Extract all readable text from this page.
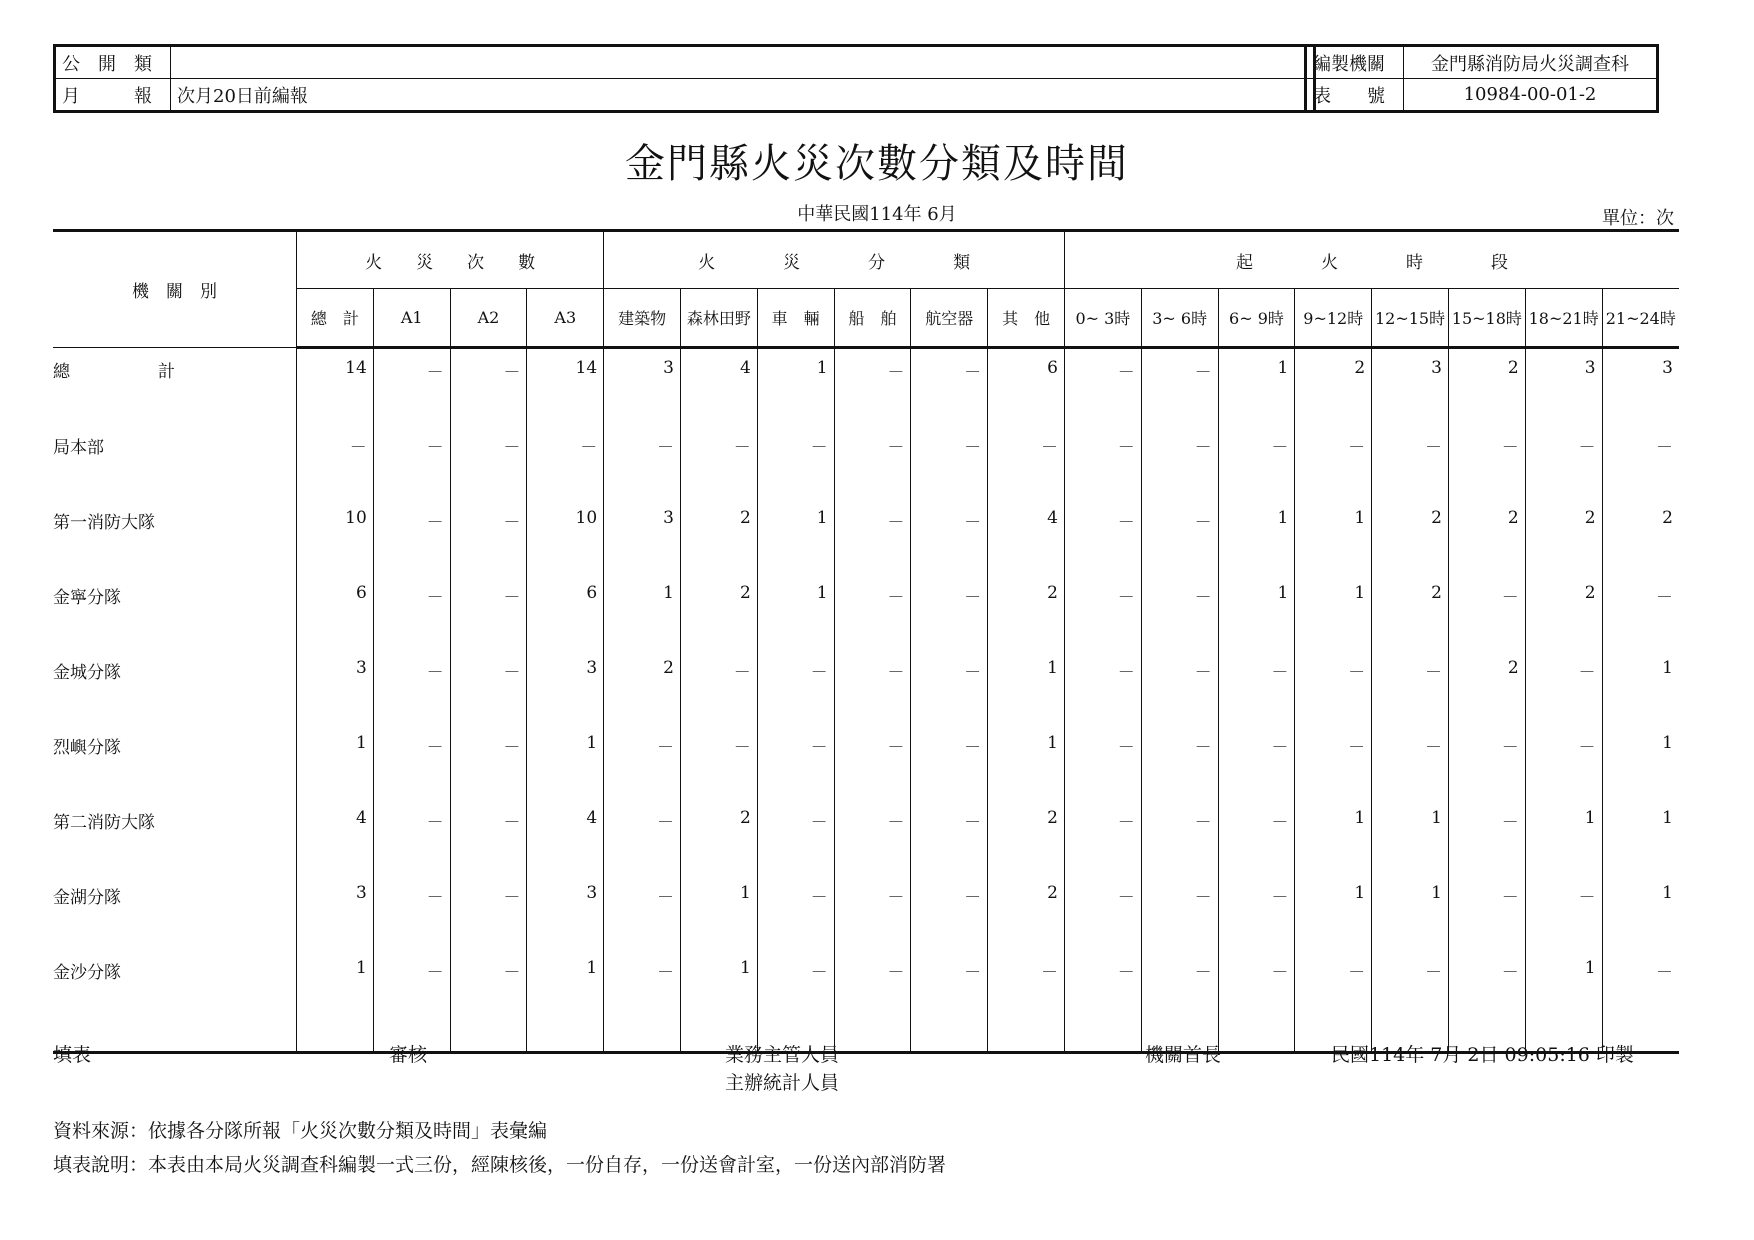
公　開　類	
月　　　報	次月20日前編報
編製機關	金門縣消防局火災調查科
表　　號	10984-00-01-2
金門縣火災次數分類及時間
中華民國114年 6月	單位：次
機　關　別	火　　災　　次　　數				火　　　　災　　　　分　　　　類						起　　　　火　　　　時　　　　段							
	總　計	A1	A2	A3	建築物	森林田野	車　輛	船　舶	航空器	其　他	0~ 3時	3~ 6時	6~ 9時	9~12時	12~15時	15~18時	18~21時	21~24時

總 計	14	－	－	14	3	4	1	－	－	6	－	－	1	2	3	2	3	3
局本部	－	－	－	－	－	－	－	－	－	－	－	－	－	－	－	－	－	－
第一消防大隊	10	－	－	10	3	2	1	－	－	4	－	－	1	1	2	2	2	2
金寧分隊	6	－	－	6	1	2	1	－	－	2	－	－	1	1	2	－	2	－
金城分隊	3	－	－	3	2	－	－	－	－	1	－	－	－	－	－	2	－	1
烈嶼分隊	1	－	－	1	－	－	－	－	－	1	－	－	－	－	－	－	－	1
第二消防大隊	4	－	－	4	－	2	－	－	－	2	－	－	－	1	1	－	1	1
金湖分隊	3	－	－	3	－	1	－	－	－	2	－	－	－	1	1	－	－	1
金沙分隊	1	－	－	1	－	1	－	－	－	－	－	－	－	－	－	－	1	－
填表	審核	業務主管人員
主辦統計人員
機關首長	民國114年 7月 2日 09:05:16 印製
資料來源：依據各分隊所報「火災次數分類及時間」表彙編
填表說明：本表由本局火災調查科編製一式三份，經陳核後，一份自存，一份送會計室，一份送內部消防署
